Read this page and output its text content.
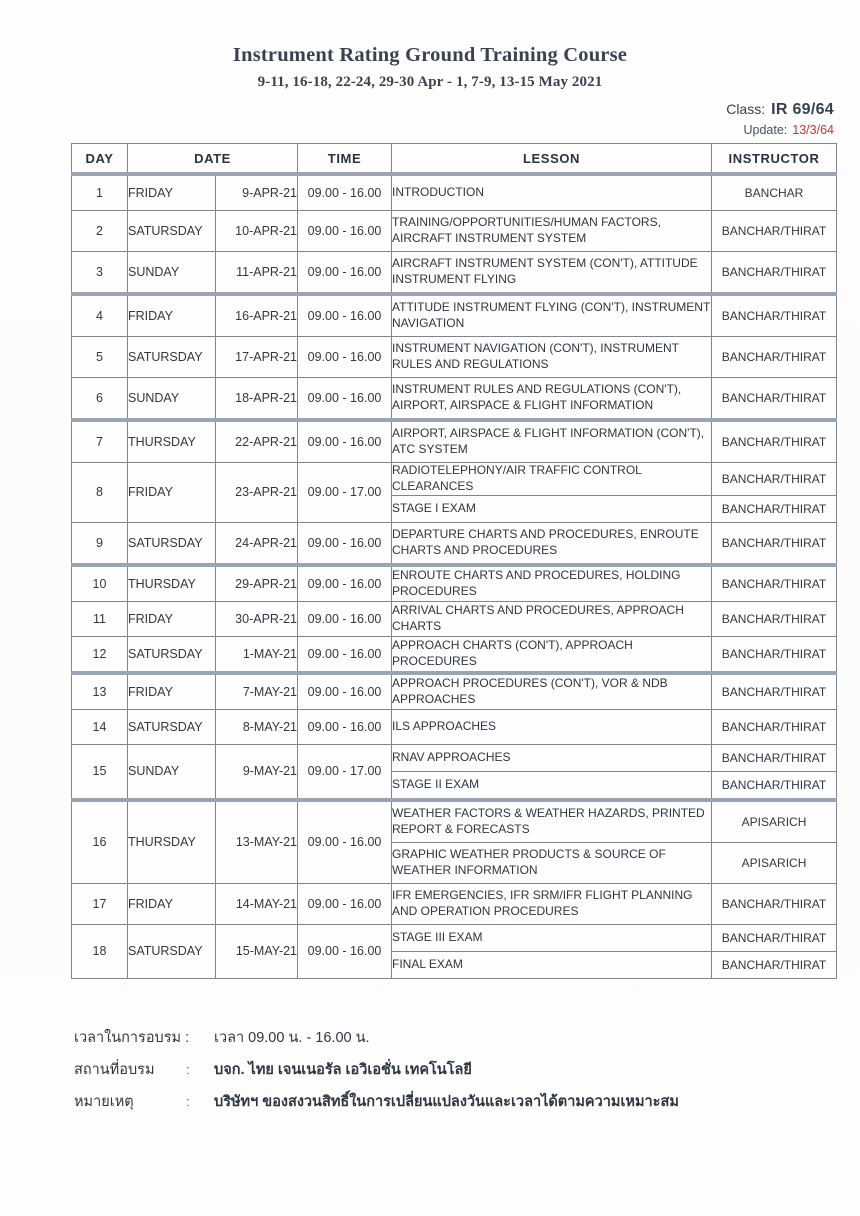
Instrument Rating Ground Training Course
9-11, 16-18, 22-24, 29-30 Apr - 1, 7-9, 13-15 May 2021
Class: IR 69/64
Update: 13/3/64
DAY	DATE		TIME	LESSON	INSTRUCTOR
1	FRIDAY	9-APR-21	09.00 - 16.00	INTRODUCTION	BANCHAR
2	SATURSDAY	10-APR-21	09.00 - 16.00	TRAINING/OPPORTUNITIES/HUMAN FACTORS, AIRCRAFT INSTRUMENT SYSTEM	BANCHAR/THIRAT
3	SUNDAY	11-APR-21	09.00 - 16.00	AIRCRAFT INSTRUMENT SYSTEM (CON'T), ATTITUDE INSTRUMENT FLYING	BANCHAR/THIRAT
4	FRIDAY	16-APR-21	09.00 - 16.00	ATTITUDE INSTRUMENT FLYING (CON'T), INSTRUMENT NAVIGATION	BANCHAR/THIRAT
5	SATURSDAY	17-APR-21	09.00 - 16.00	INSTRUMENT NAVIGATION (CON'T), INSTRUMENT RULES AND REGULATIONS	BANCHAR/THIRAT
6	SUNDAY	18-APR-21	09.00 - 16.00	INSTRUMENT RULES AND REGULATIONS (CON'T), AIRPORT, AIRSPACE & FLIGHT INFORMATION	BANCHAR/THIRAT
7	THURSDAY	22-APR-21	09.00 - 16.00	AIRPORT, AIRSPACE & FLIGHT INFORMATION (CON'T), ATC SYSTEM	BANCHAR/THIRAT
8	FRIDAY	23-APR-21	09.00 - 17.00	RADIOTELEPHONY/AIR TRAFFIC CONTROL CLEARANCES	BANCHAR/THIRAT
				STAGE I EXAM	BANCHAR/THIRAT
9	SATURSDAY	24-APR-21	09.00 - 16.00	DEPARTURE CHARTS AND PROCEDURES, ENROUTE CHARTS AND PROCEDURES	BANCHAR/THIRAT
10	THURSDAY	29-APR-21	09.00 - 16.00	ENROUTE CHARTS AND PROCEDURES, HOLDING PROCEDURES	BANCHAR/THIRAT
11	FRIDAY	30-APR-21	09.00 - 16.00	ARRIVAL CHARTS AND PROCEDURES, APPROACH CHARTS	BANCHAR/THIRAT
12	SATURSDAY	1-MAY-21	09.00 - 16.00	APPROACH CHARTS (CON'T), APPROACH PROCEDURES	BANCHAR/THIRAT
13	FRIDAY	7-MAY-21	09.00 - 16.00	APPROACH PROCEDURES (CON'T), VOR & NDB APPROACHES	BANCHAR/THIRAT
14	SATURSDAY	8-MAY-21	09.00 - 16.00	ILS APPROACHES	BANCHAR/THIRAT
15	SUNDAY	9-MAY-21	09.00 - 17.00	RNAV APPROACHES	BANCHAR/THIRAT
				STAGE II EXAM	BANCHAR/THIRAT
16	THURSDAY	13-MAY-21	09.00 - 16.00	WEATHER FACTORS & WEATHER HAZARDS, PRINTED REPORT & FORECASTS	APISARICH
				GRAPHIC WEATHER PRODUCTS & SOURCE OF WEATHER INFORMATION	APISARICH
17	FRIDAY	14-MAY-21	09.00 - 16.00	IFR EMERGENCIES, IFR SRM/IFR FLIGHT PLANNING AND OPERATION PROCEDURES	BANCHAR/THIRAT
18	SATURSDAY	15-MAY-21	09.00 - 16.00	STAGE III EXAM	BANCHAR/THIRAT
				FINAL EXAM	BANCHAR/THIRAT
เวลาในการอบรม : เวลา 09.00 น. - 16.00 น.
สถานที่อบรม	:	บจก. ไทย เจนเนอรัล เอวิเอชั่น เทคโนโลยี
หมายเหตุ	:	บริษัทฯ ของสงวนสิทธิ์ในการเปลี่ยนแปลงวันและเวลาได้ตามความเหมาะสม
